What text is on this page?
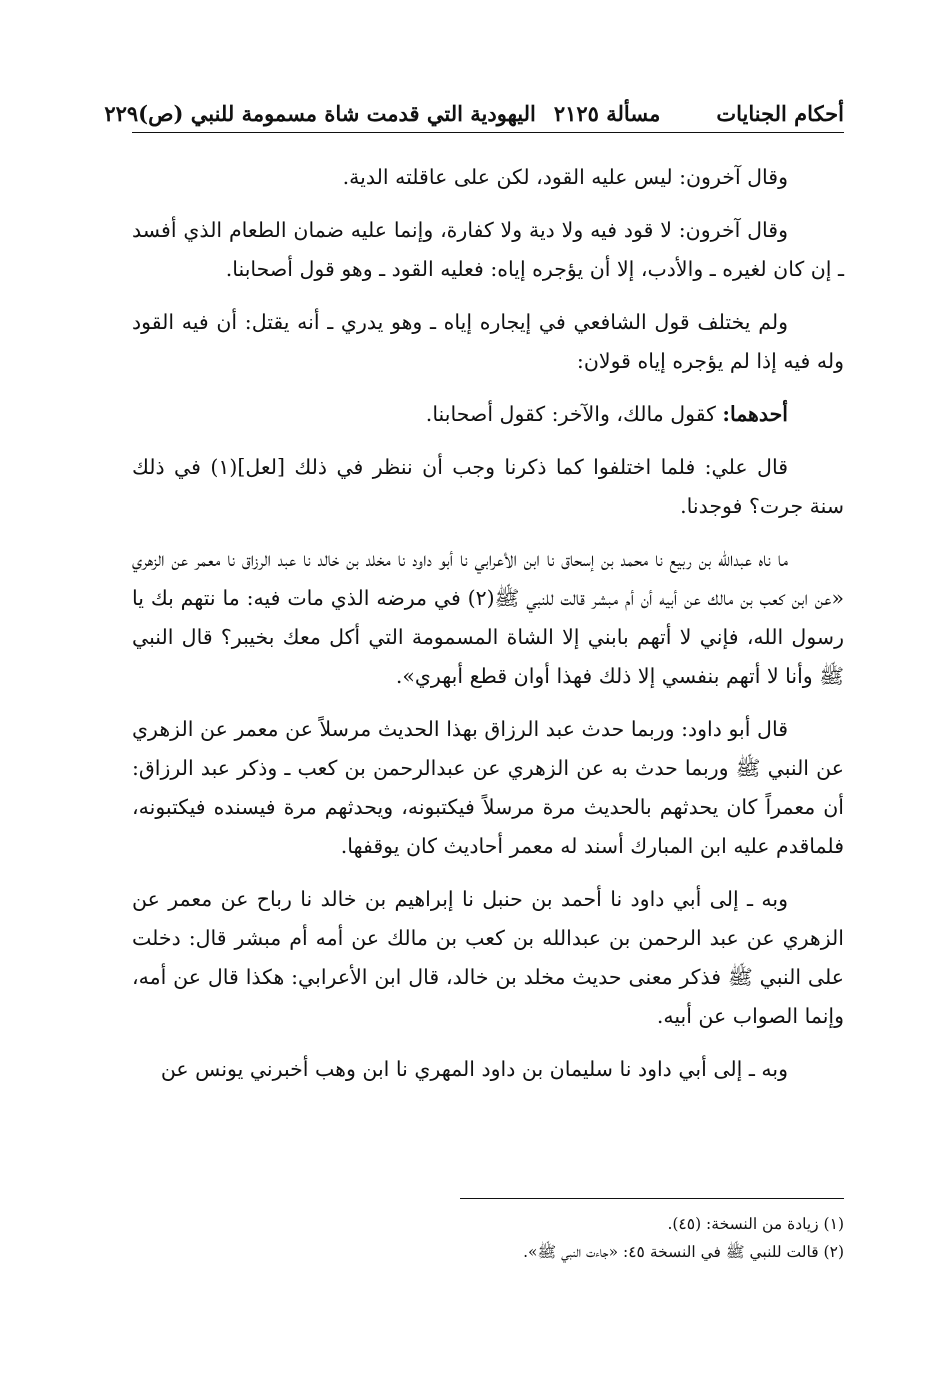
أحكام الجنايات
مسألة ٢١٢٥
اليهودية التي قدمت شاة مسمومة للنبي (ص)
٢٢٩

وقال آخرون: ليس عليه القود، لكن على عاقلته الدية.

وقال آخرون: لا قود فيه ولا دية ولا كفارة، وإنما عليه ضمان الطعام الذي أفسد ـ إن كان لغيره ـ والأدب، إلا أن يؤجره إياه: فعليه القود ـ وهو قول أصحابنا.

ولم يختلف قول الشافعي في إيجاره إياه ـ وهو يدري ـ أنه يقتل: أن فيه القود وله فيه إذا لم يؤجره إياه قولان:

أحدهما: كقول مالك، والآخر: كقول أصحابنا.

قال علي: فلما اختلفوا كما ذكرنا وجب أن ننظر في ذلك [لعل](١) في ذلك سنة جرت؟ فوجدنا.

ما ناه عبدالله بن ربيع نا محمد بن إسحاق نا ابن الأعرابي نا أبو داود نا مخلد بن خالد نا عبد الرزاق نا معمر عن الزهري «عن ابن كعب بن مالك عن أبيه أن أم مبشر قالت للنبي ﷺ(٢) في مرضه الذي مات فيه: ما نتهم بك يا رسول الله، فإني لا أتهم بابني إلا الشاة المسمومة التي أكل معك بخيبر؟ قال النبي ﷺ وأنا لا أتهم بنفسي إلا ذلك فهذا أوان قطع أبهري».

قال أبو داود: وربما حدث عبد الرزاق بهذا الحديث مرسلاً عن معمر عن الزهري عن النبي ﷺ وربما حدث به عن الزهري عن عبدالرحمن بن كعب ـ وذكر عبد الرزاق: أن معمراً كان يحدثهم بالحديث مرة مرسلاً فيكتبونه، ويحدثهم مرة فيسنده فيكتبونه، فلماقدم عليه ابن المبارك أسند له معمر أحاديث كان يوقفها.

وبه ـ إلى أبي داود نا أحمد بن حنبل نا إبراهيم بن خالد نا رباح عن معمر عن الزهري عن عبد الرحمن بن عبدالله بن كعب بن مالك عن أمه أم مبشر قال: دخلت على النبي ﷺ فذكر معنى حديث مخلد بن خالد، قال ابن الأعرابي: هكذا قال عن أمه، وإنما الصواب عن أبيه.

وبه ـ إلى أبي داود نا سليمان بن داود المهري نا ابن وهب أخبرني يونس عن

(١) زيادة من النسخة: (٤٥).

(٢) قالت للنبي ﷺ في النسخة ٤٥: «جاءت النبي ﷺ».
